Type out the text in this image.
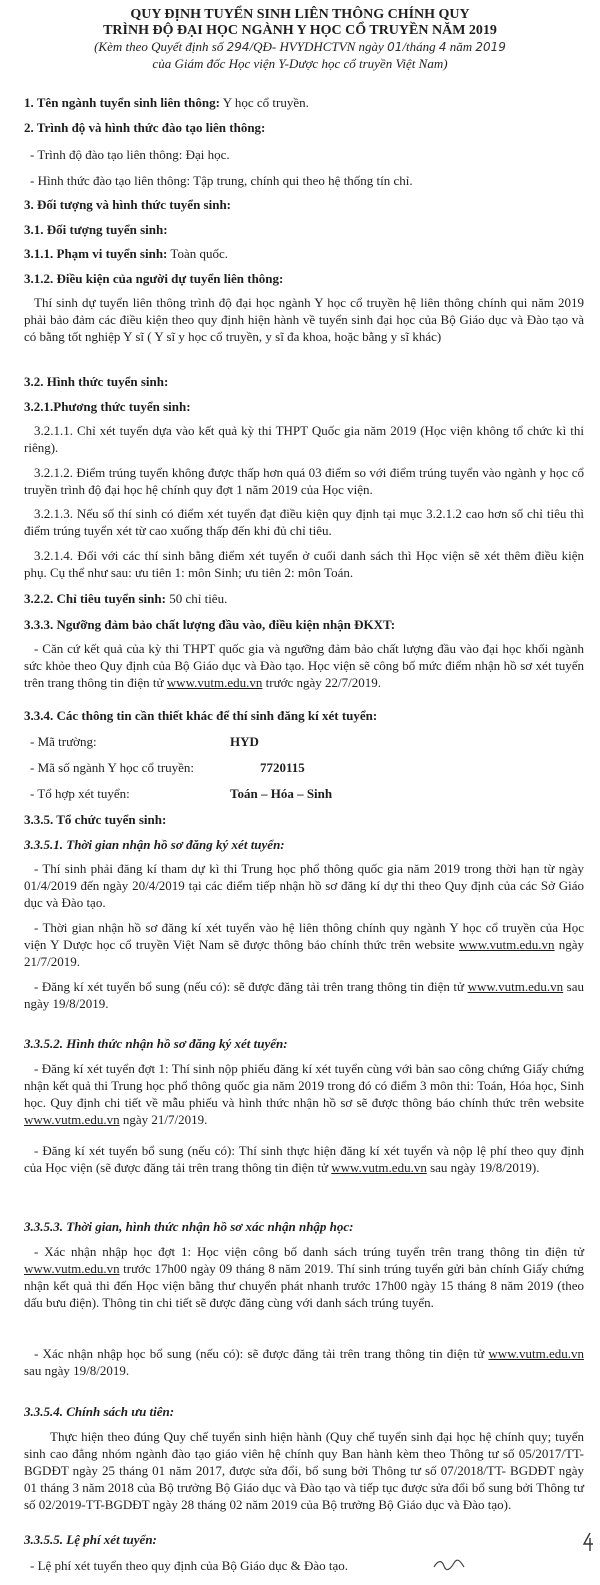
QUY ĐỊNH TUYỂN SINH LIÊN THÔNG CHÍNH QUY
TRÌNH ĐỘ ĐẠI HỌC NGÀNH Y HỌC CỔ TRUYỀN NĂM 2019
(Kèm theo Quyết định số 294/QĐ- HVYDHCTVN ngày 01/tháng 4 năm 2019
của Giám đốc Học viện Y-Dược học cổ truyền Việt Nam)
1. Tên ngành tuyển sinh liên thông: Y học cổ truyền.
2. Trình độ và hình thức đào tạo liên thông:
- Trình độ đào tạo liên thông: Đại học.
- Hình thức đào tạo liên thông: Tập trung, chính qui theo hệ thống tín chỉ.
3. Đối tượng và hình thức tuyển sinh:
3.1. Đối tượng tuyển sinh:
3.1.1. Phạm vi tuyển sinh: Toàn quốc.
3.1.2. Điều kiện của người dự tuyển liên thông:
Thí sinh dự tuyển liên thông trình độ đại học ngành Y học cổ truyền hệ liên thông chính qui năm 2019 phải bảo đảm các điều kiện theo quy định hiện hành về tuyển sinh đại học của Bộ Giáo dục và Đào tạo và có bằng tốt nghiệp Y sĩ ( Y sĩ y học cổ truyền, y sĩ đa khoa, hoặc bằng y sĩ khác)
3.2. Hình thức tuyển sinh:
3.2.1.Phương thức tuyển sinh:
3.2.1.1. Chỉ xét tuyển dựa vào kết quả kỳ thi THPT Quốc gia năm 2019 (Học viện không tổ chức kì thi riêng).
3.2.1.2. Điểm trúng tuyển không được thấp hơn quá 03 điểm so với điểm trúng tuyển vào ngành y học cổ truyền trình độ đại học hệ chính quy đợt 1 năm 2019 của Học viện.
3.2.1.3. Nếu số thí sinh có điểm xét tuyển đạt điều kiện quy định tại mục 3.2.1.2 cao hơn số chỉ tiêu thì điểm trúng tuyển xét từ cao xuống thấp đến khi đủ chỉ tiêu.
3.2.1.4. Đối với các thí sinh bằng điểm xét tuyển ở cuối danh sách thì Học viện sẽ xét thêm điều kiện phụ. Cụ thể như sau: ưu tiên 1: môn Sinh; ưu tiên 2: môn Toán.
3.2.2. Chỉ tiêu tuyển sinh: 50 chỉ tiêu.
3.3.3. Ngưỡng đảm bảo chất lượng đầu vào, điều kiện nhận ĐKXT:
- Căn cứ kết quả của kỳ thi THPT quốc gia và ngưỡng đảm bảo chất lượng đầu vào đại học khối ngành sức khỏe theo Quy định của Bộ Giáo dục và Đào tạo. Học viện sẽ công bố mức điểm nhận hồ sơ xét tuyển trên trang thông tin điện tử www.vutm.edu.vn trước ngày 22/7/2019.
3.3.4. Các thông tin cần thiết khác để thí sinh đăng kí xét tuyển:
- Mã trường:	HYD
- Mã số ngành Y học cổ truyền:	7720115
- Tổ hợp xét tuyển:	Toán – Hóa – Sinh
3.3.5. Tổ chức tuyển sinh:
3.3.5.1. Thời gian nhận hồ sơ đăng ký xét tuyển:
- Thí sinh phải đăng kí tham dự kì thi Trung học phổ thông quốc gia năm 2019 trong thời hạn từ ngày 01/4/2019 đến ngày 20/4/2019 tại các điểm tiếp nhận hồ sơ đăng kí dự thi theo Quy định của các Sở Giáo dục và Đào tạo.
- Thời gian nhận hồ sơ đăng kí xét tuyển vào hệ liên thông chính quy ngành Y học cổ truyền của Học viện Y Dược học cổ truyền Việt Nam sẽ được thông báo chính thức trên website www.vutm.edu.vn ngày 21/7/2019.
- Đăng kí xét tuyển bổ sung (nếu có): sẽ được đăng tải trên trang thông tin điện tử www.vutm.edu.vn sau ngày 19/8/2019.
3.3.5.2. Hình thức nhận hồ sơ đăng ký xét tuyển:
- Đăng kí xét tuyển đợt 1: Thí sinh nộp phiếu đăng kí xét tuyển cùng với bản sao công chứng Giấy chứng nhận kết quả thi Trung học phổ thông quốc gia năm 2019 trong đó có điểm 3 môn thi: Toán, Hóa học, Sinh học. Quy định chi tiết về mẫu phiếu và hình thức nhận hồ sơ sẽ được thông báo chính thức trên website www.vutm.edu.vn ngày 21/7/2019.
- Đăng kí xét tuyển bổ sung (nếu có): Thí sinh thực hiện đăng kí xét tuyển và nộp lệ phí theo quy định của Học viện (sẽ được đăng tải trên trang thông tin điện tử www.vutm.edu.vn sau ngày 19/8/2019).
3.3.5.3. Thời gian, hình thức nhận hồ sơ xác nhận nhập học:
- Xác nhận nhập học đợt 1: Học viện công bố danh sách trúng tuyển trên trang thông tin điện tử www.vutm.edu.vn trước 17h00 ngày 09 tháng 8 năm 2019. Thí sinh trúng tuyển gửi bản chính Giấy chứng nhận kết quả thi đến Học viện bằng thư chuyển phát nhanh trước 17h00 ngày 15 tháng 8 năm 2019 (theo dấu bưu điện). Thông tin chi tiết sẽ được đăng cùng với danh sách trúng tuyển.
- Xác nhận nhập học bổ sung (nếu có): sẽ được đăng tải trên trang thông tin điện tử www.vutm.edu.vn sau ngày 19/8/2019.
3.3.5.4. Chính sách ưu tiên:
Thực hiện theo đúng Quy chế tuyển sinh hiện hành (Quy chế tuyển sinh đại học hệ chính quy; tuyển sinh cao đẳng nhóm ngành đào tạo giáo viên hệ chính quy Ban hành kèm theo Thông tư số 05/2017/TT-BGDĐT ngày 25 tháng 01 năm 2017, được sửa đổi, bổ sung bởi Thông tư số 07/2018/TT- BGDĐT ngày 01 tháng 3 năm 2018 của Bộ trưởng Bộ Giáo dục và Đào tạo và tiếp tục được sửa đổi bổ sung bởi Thông tư số 02/2019-TT-BGDĐT ngày 28 tháng 02 năm 2019 của Bộ trưởng Bộ Giáo dục và Đào tạo).
3.3.5.5. Lệ phí xét tuyển:
- Lệ phí xét tuyển theo quy định của Bộ Giáo dục & Đào tạo.
